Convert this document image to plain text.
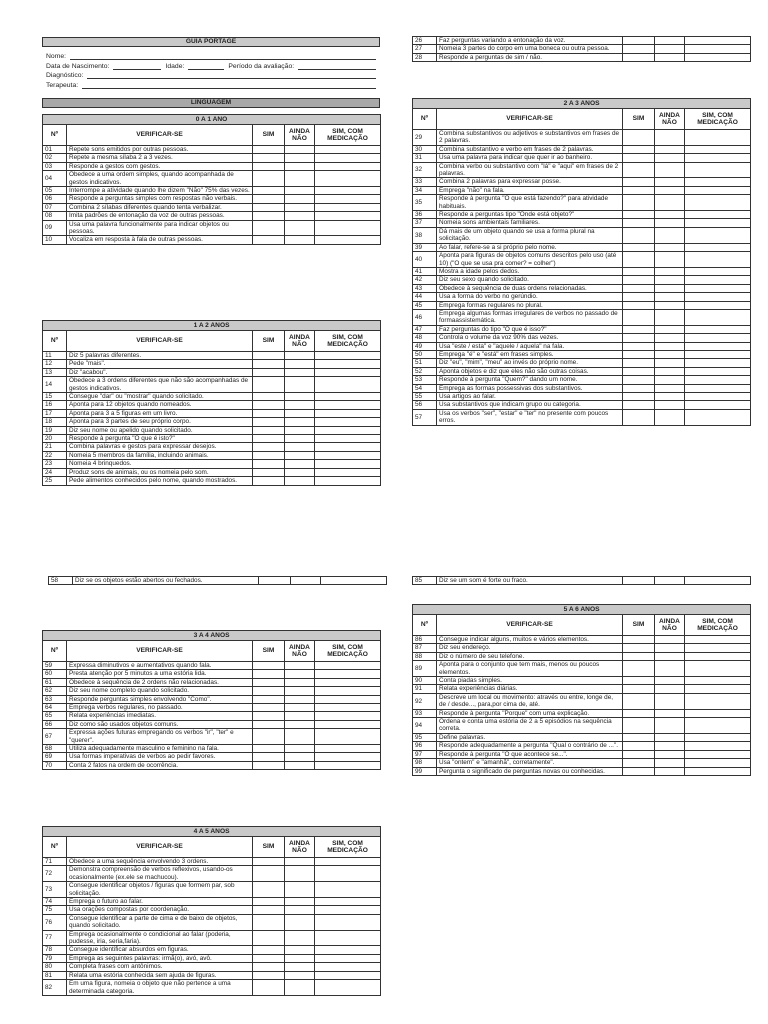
GUIA PORTAGE
Nome:
Data de Nascimento:	Idade:	Período da avaliação:
Diagnóstico:
Terapeuta:
LINGUAGEM
0 A 1 ANO				
Nº	VERIFICAR-SE	SIM	AINDA NÃO	SIM, COM MEDICAÇÃO
01	Repete sons emitidos por outras pessoas.			
02	Repete a mesma sílaba 2 a 3 vezes.			
03	Responde a gestos com gestos.			
04	Obedece a uma ordem simples, quando acompanhada de gestos indicativos.			
05	Interrompe a atividade quando lhe dizem "Não" 75% das vezes.			
06	Responde a perguntas simples com respostas não verbais.			
07	Combina 2 sílabas diferentes quando tenta verbalizar.			
08	Imita padrões de entonação da voz de outras pessoas.			
09	Usa uma palavra funcionalmente para indicar objetos ou pessoas.			
10	Vocaliza em resposta à fala de outras pessoas.			
1 A 2 ANOS				
Nº	VERIFICAR-SE	SIM	AINDA NÃO	SIM, COM MEDICAÇÃO
11	Diz 5 palavras diferentes.			
12	Pede "mais".			
13	Diz "acabou".			
14	Obedece a 3 ordens diferentes que não são acompanhadas de gestos indicativos.			
15	Consegue "dar" ou "mostrar" quando solicitado.			
16	Aponta para 12 objetos quando nomeados.			
17	Aponta para 3 a 5 figuras em um livro.			
18	Aponta para 3 partes de seu próprio corpo.			
19	Diz seu nome ou apelido quando solicitado.			
20	Responde à pergunta "O que é isto?"			
21	Combina palavras e gestos para expressar desejos.			
22	Nomeia 5 membros da família, incluindo animais.			
23	Nomeia 4 brinquedos.			
24	Produz sons de animais, ou os nomeia pelo som.			
25	Pede alimentos conhecidos pelo nome, quando mostrados.			
58	Diz se os objetos estão abertos ou fechados.			
3 A 4 ANOS				
Nº	VERIFICAR-SE	SIM	AINDA NÃO	SIM, COM MEDICAÇÃO
59	Expressa diminutivos e aumentativos quando fala.			
60	Presta atenção por 5 minutos a uma estória lida.			
61	Obedece à sequência de 2 ordens não relacionadas.			
62	Diz seu nome completo quando solicitado.			
63	Responde perguntas simples envolvendo "Como".			
64	Emprega verbos regulares, no passado.			
65	Relata experiências imediatas.			
66	Diz como são usados objetos comuns.			
67	Expressa ações futuras empregando os verbos "ir", "ter" e "querer".			
68	Utiliza adequadamente masculino e feminino na fala.			
69	Usa formas imperativas de verbos ao pedir favores.			
70	Conta 2 fatos na ordem de ocorrência.			
4 A 5 ANOS				
Nº	VERIFICAR-SE	SIM	AINDA NÃO	SIM, COM MEDICAÇÃO
71	Obedece a uma sequência envolvendo 3 ordens.			
72	Demonstra compreensão de verbos reflexivos, usando-os ocasionalmente (ex.ele se machucou).			
73	Consegue identificar objetos / figuras que formem par, sob solicitação.			
74	Emprega o futuro ao falar.			
75	Usa orações compostas por coordenação.			
76	Consegue identificar a parte de cima e de baixo de objetos, quando solicitado.			
77	Emprega ocasionalmente o condicional ao falar (poderia, pudesse, iria, seria,faria).			
78	Consegue identificar absurdos em figuras.			
79	Emprega as seguintes palavras: irmã(o), avó, avô.			
80	Completa frases com antônimos.			
81	Relata uma estória conhecida sem ajuda de figuras.			
82	Em uma figura, nomeia o objeto que não pertence a uma determinada categoria.			
26	Faz perguntas variando a entonação da voz.			
27	Nomeia 3 partes do corpo em uma boneca ou outra pessoa.			
28	Responde a perguntas de sim / não.			
2 A 3 ANOS				
Nº	VERIFICAR-SE	SIM	AINDA NÃO	SIM, COM MEDICAÇÃO
29	Combina substantivos ou adjetivos e substantivos em frases de 2 palavras.			
30	Combina substantivo e verbo em frases de 2 palavras.			
31	Usa uma palavra para indicar que quer ir ao banheiro.			
32	Combina verbo ou substantivo com "lá" e "aqui" em frases de 2 palavras.			
33	Combina 2 palavras para expressar posse.			
34	Emprega "não" na fala.			
35	Responde à pergunta "O que está fazendo?" para atividade habituais.			
36	Responde a perguntas tipo "Onde está objeto?"			
37	Nomeia sons ambientais familiares.			
38	Dá mais de um objeto quando se usa a forma plural na solicitação.			
39	Ao falar, refere-se a si próprio pelo nome.			
40	Aponta para figuras de objetos comuns descritos pelo uso (até 10) ("O que se usa pra comer? = colher")			
41	Mostra a idade pelos dedos.			
42	Diz seu sexo quando solicitado.			
43	Obedece à sequência de duas ordens relacionadas.			
44	Usa a forma do verbo no gerúndio.			
45	Emprega formas regulares no plural.			
46	Emprega algumas formas irregulares de verbos no passado de formaassistemática.			
47	Faz perguntas do tipo "O que é isso?"			
48	Controla o volume da voz 90% das vezes.			
49	Usa "este / esta" e "aquele / aquela" na fala.			
50	Emprega "é" e "está" em frases simples.			
51	Diz "eu", "mim", "meu" ao invés do próprio nome.			
52	Aponta objetos e diz que eles não são outras coisas.			
53	Responde à pergunta "Quem?" dando um nome.			
54	Emprega as formas possessivas dos substantivos.			
55	Usa artigos ao falar.			
56	Usa substantivos que indicam grupo ou categoria.			
57	Usa os verbos "ser", "estar" e "ter" no presente com poucos erros.			
85	Diz se um som é forte ou fraco.			
5 A 6 ANOS				
Nº	VERIFICAR-SE	SIM	AINDA NÃO	SIM, COM MEDICAÇÃO
86	Consegue indicar alguns, muitos e vários elementos.			
87	Diz seu endereço.			
88	Diz o número de seu telefone.			
89	Aponta para o conjunto que tem mais, menos ou poucos elementos.			
90	Conta piadas simples.			
91	Relata experiências diárias.			
92	Descreve um local ou movimento: através ou entre, longe de, de / desde..., para,por cima de, até.			
93	Responde à pergunta "Porque" com uma explicação.			
94	Ordena e conta uma estória de 2 a 5 episódios na sequência correta.			
95	Define palavras.			
96	Responde adequadamente a pergunta "Qual o contrário de ...".			
97	Responde à pergunta "O que acontece se...".			
98	Usa "ontem" e "amanhã", corretamente".			
99	Pergunta o significado de perguntas novas ou conhecidas.			
